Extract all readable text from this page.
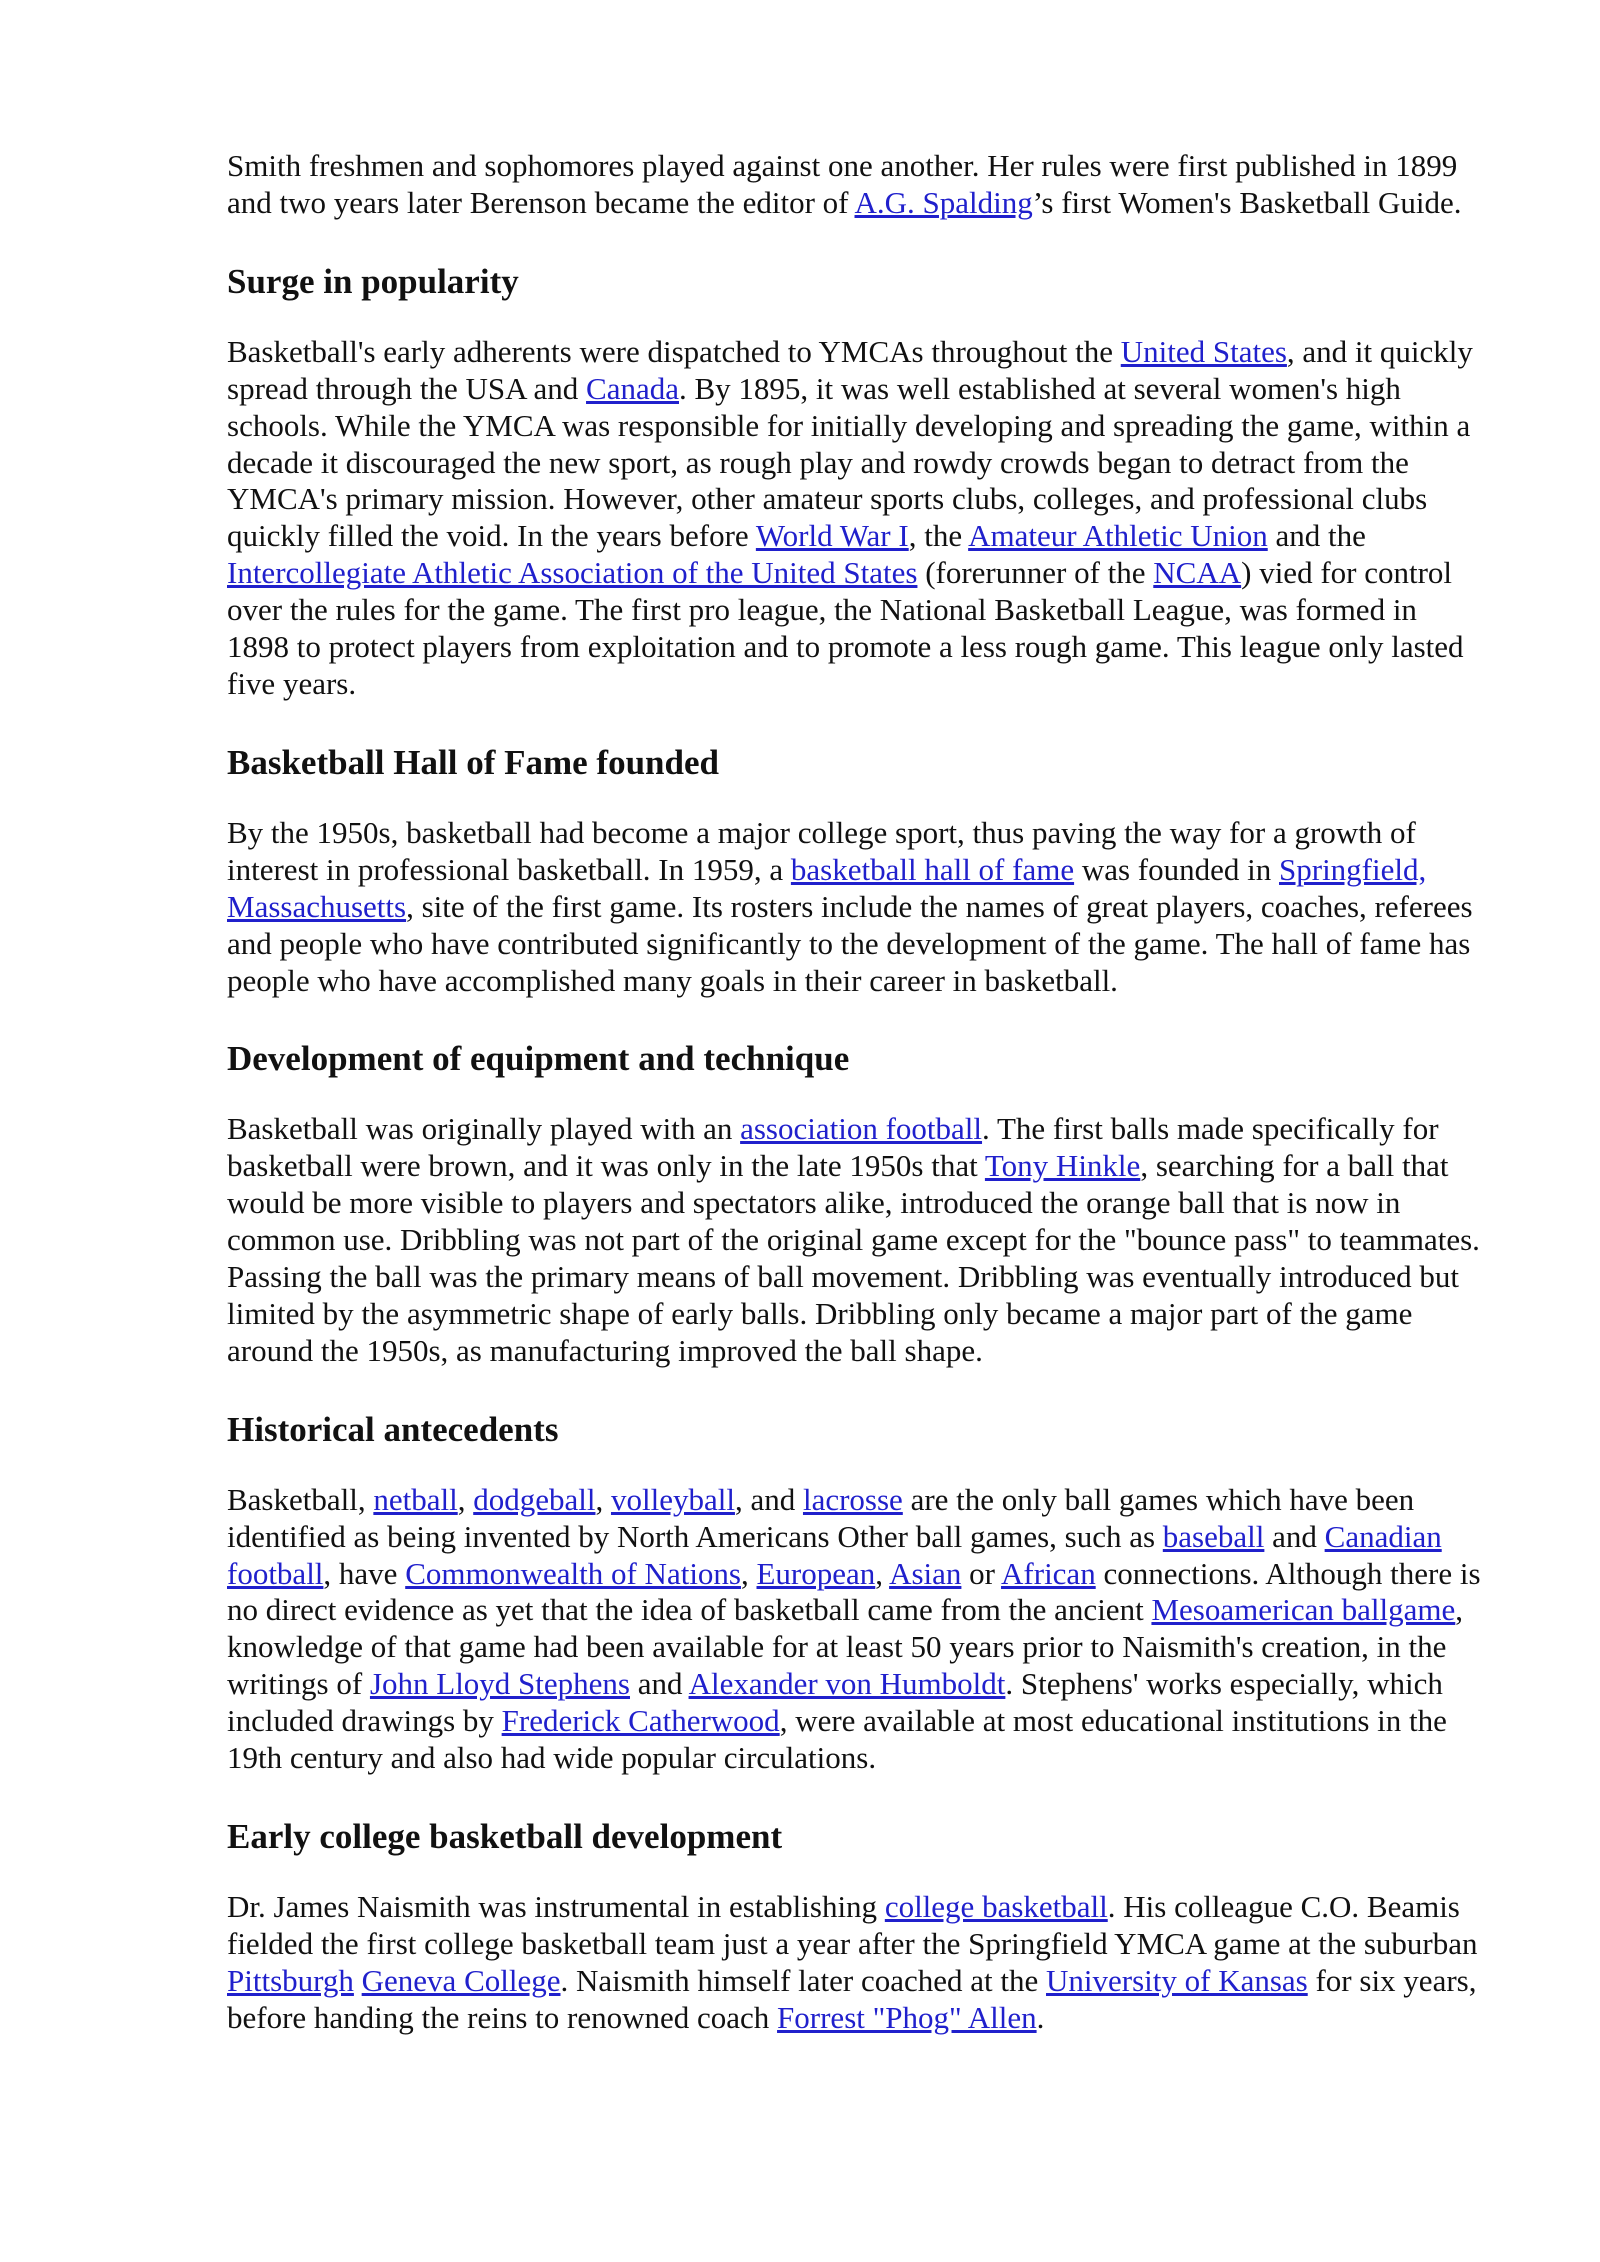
Smith freshmen and sophomores played against one another. Her rules were first published in 1899 and two years later Berenson became the editor of A.G. Spalding’s first Women's Basketball Guide.

Surge in popularity

Basketball's early adherents were dispatched to YMCAs throughout the United States, and it quickly spread through the USA and Canada. By 1895, it was well established at several women's high schools. While the YMCA was responsible for initially developing and spreading the game, within a decade it discouraged the new sport, as rough play and rowdy crowds began to detract from the YMCA's primary mission. However, other amateur sports clubs, colleges, and professional clubs quickly filled the void. In the years before World War I, the Amateur Athletic Union and the Intercollegiate Athletic Association of the United States (forerunner of the NCAA) vied for control over the rules for the game. The first pro league, the National Basketball League, was formed in 1898 to protect players from exploitation and to promote a less rough game. This league only lasted five years.

Basketball Hall of Fame founded

By the 1950s, basketball had become a major college sport, thus paving the way for a growth of interest in professional basketball. In 1959, a basketball hall of fame was founded in Springfield, Massachusetts, site of the first game. Its rosters include the names of great players, coaches, referees and people who have contributed significantly to the development of the game. The hall of fame has people who have accomplished many goals in their career in basketball.

Development of equipment and technique

Basketball was originally played with an association football. The first balls made specifically for basketball were brown, and it was only in the late 1950s that Tony Hinkle, searching for a ball that would be more visible to players and spectators alike, introduced the orange ball that is now in common use. Dribbling was not part of the original game except for the "bounce pass" to teammates. Passing the ball was the primary means of ball movement. Dribbling was eventually introduced but limited by the asymmetric shape of early balls. Dribbling only became a major part of the game around the 1950s, as manufacturing improved the ball shape.

Historical antecedents

Basketball, netball, dodgeball, volleyball, and lacrosse are the only ball games which have been identified as being invented by North Americans Other ball games, such as baseball and Canadian football, have Commonwealth of Nations, European, Asian or African connections. Although there is no direct evidence as yet that the idea of basketball came from the ancient Mesoamerican ballgame, knowledge of that game had been available for at least 50 years prior to Naismith's creation, in the writings of John Lloyd Stephens and Alexander von Humboldt. Stephens' works especially, which included drawings by Frederick Catherwood, were available at most educational institutions in the 19th century and also had wide popular circulations.

Early college basketball development

Dr. James Naismith was instrumental in establishing college basketball. His colleague C.O. Beamis fielded the first college basketball team just a year after the Springfield YMCA game at the suburban Pittsburgh Geneva College. Naismith himself later coached at the University of Kansas for six years, before handing the reins to renowned coach Forrest "Phog" Allen.
